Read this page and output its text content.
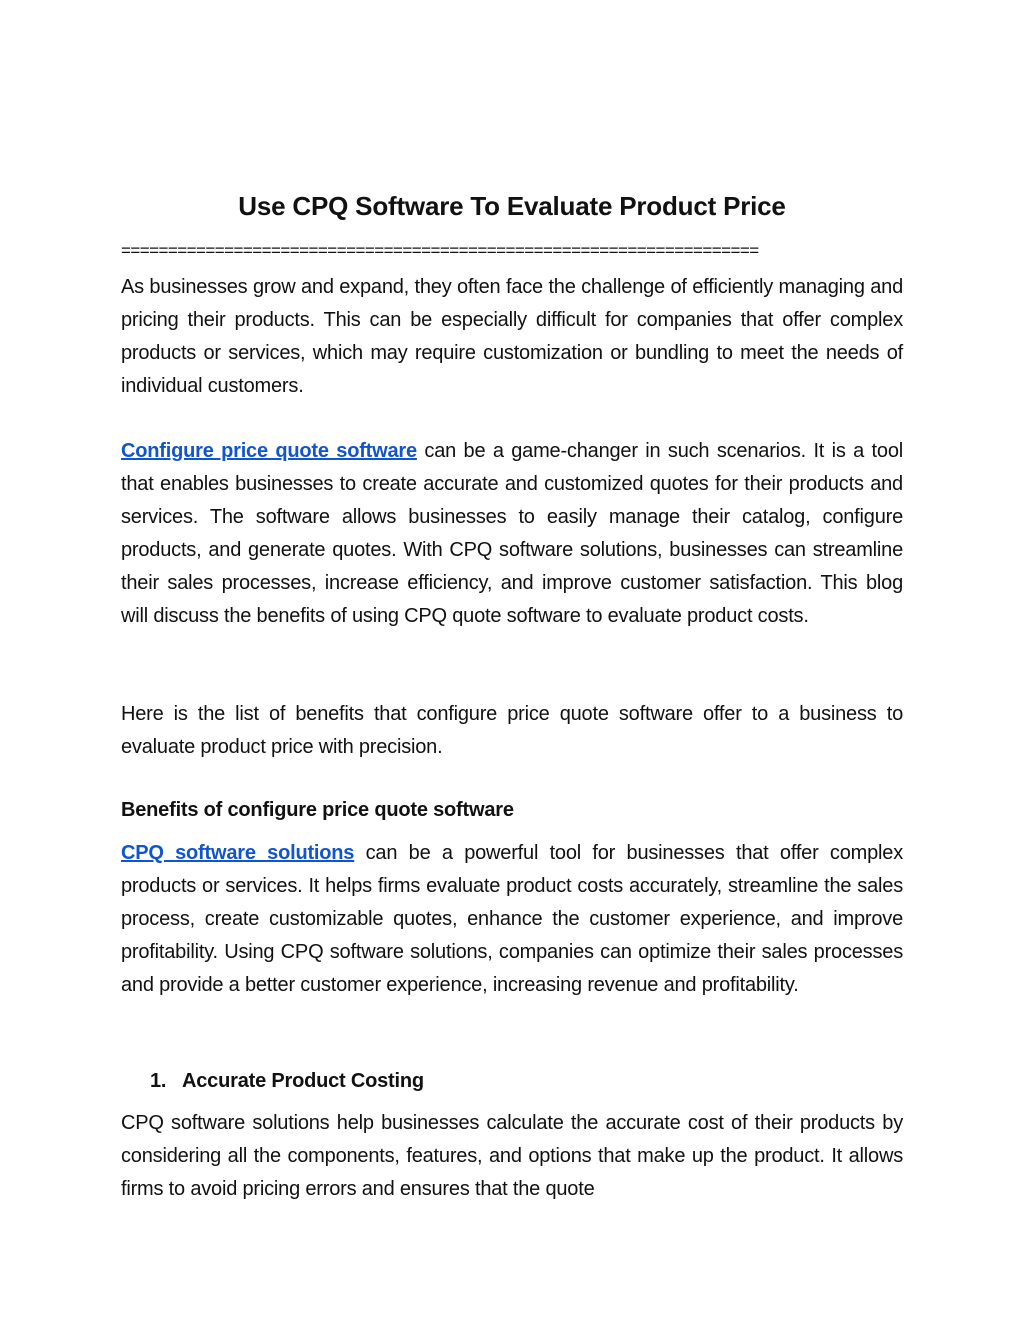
Use CPQ Software To Evaluate Product Price

====================================================================

As businesses grow and expand, they often face the challenge of efficiently managing and pricing their products. This can be especially difficult for companies that offer complex products or services, which may require customization or bundling to meet the needs of individual customers.

Configure price quote software can be a game-changer in such scenarios. It is a tool that enables businesses to create accurate and customized quotes for their products and services. The software allows businesses to easily manage their catalog, configure products, and generate quotes. With CPQ software solutions, businesses can streamline their sales processes, increase efficiency, and improve customer satisfaction. This blog will discuss the benefits of using CPQ quote software to evaluate product costs.

Here is the list of benefits that configure price quote software offer to a business to evaluate product price with precision.

Benefits of configure price quote software

CPQ software solutions can be a powerful tool for businesses that offer complex products or services. It helps firms evaluate product costs accurately, streamline the sales process, create customizable quotes, enhance the customer experience, and improve profitability. Using CPQ software solutions, companies can optimize their sales processes and provide a better customer experience, increasing revenue and profitability.

1. Accurate Product Costing

CPQ software solutions help businesses calculate the accurate cost of their products by considering all the components, features, and options that make up the product. It allows firms to avoid pricing errors and ensures that the quote
